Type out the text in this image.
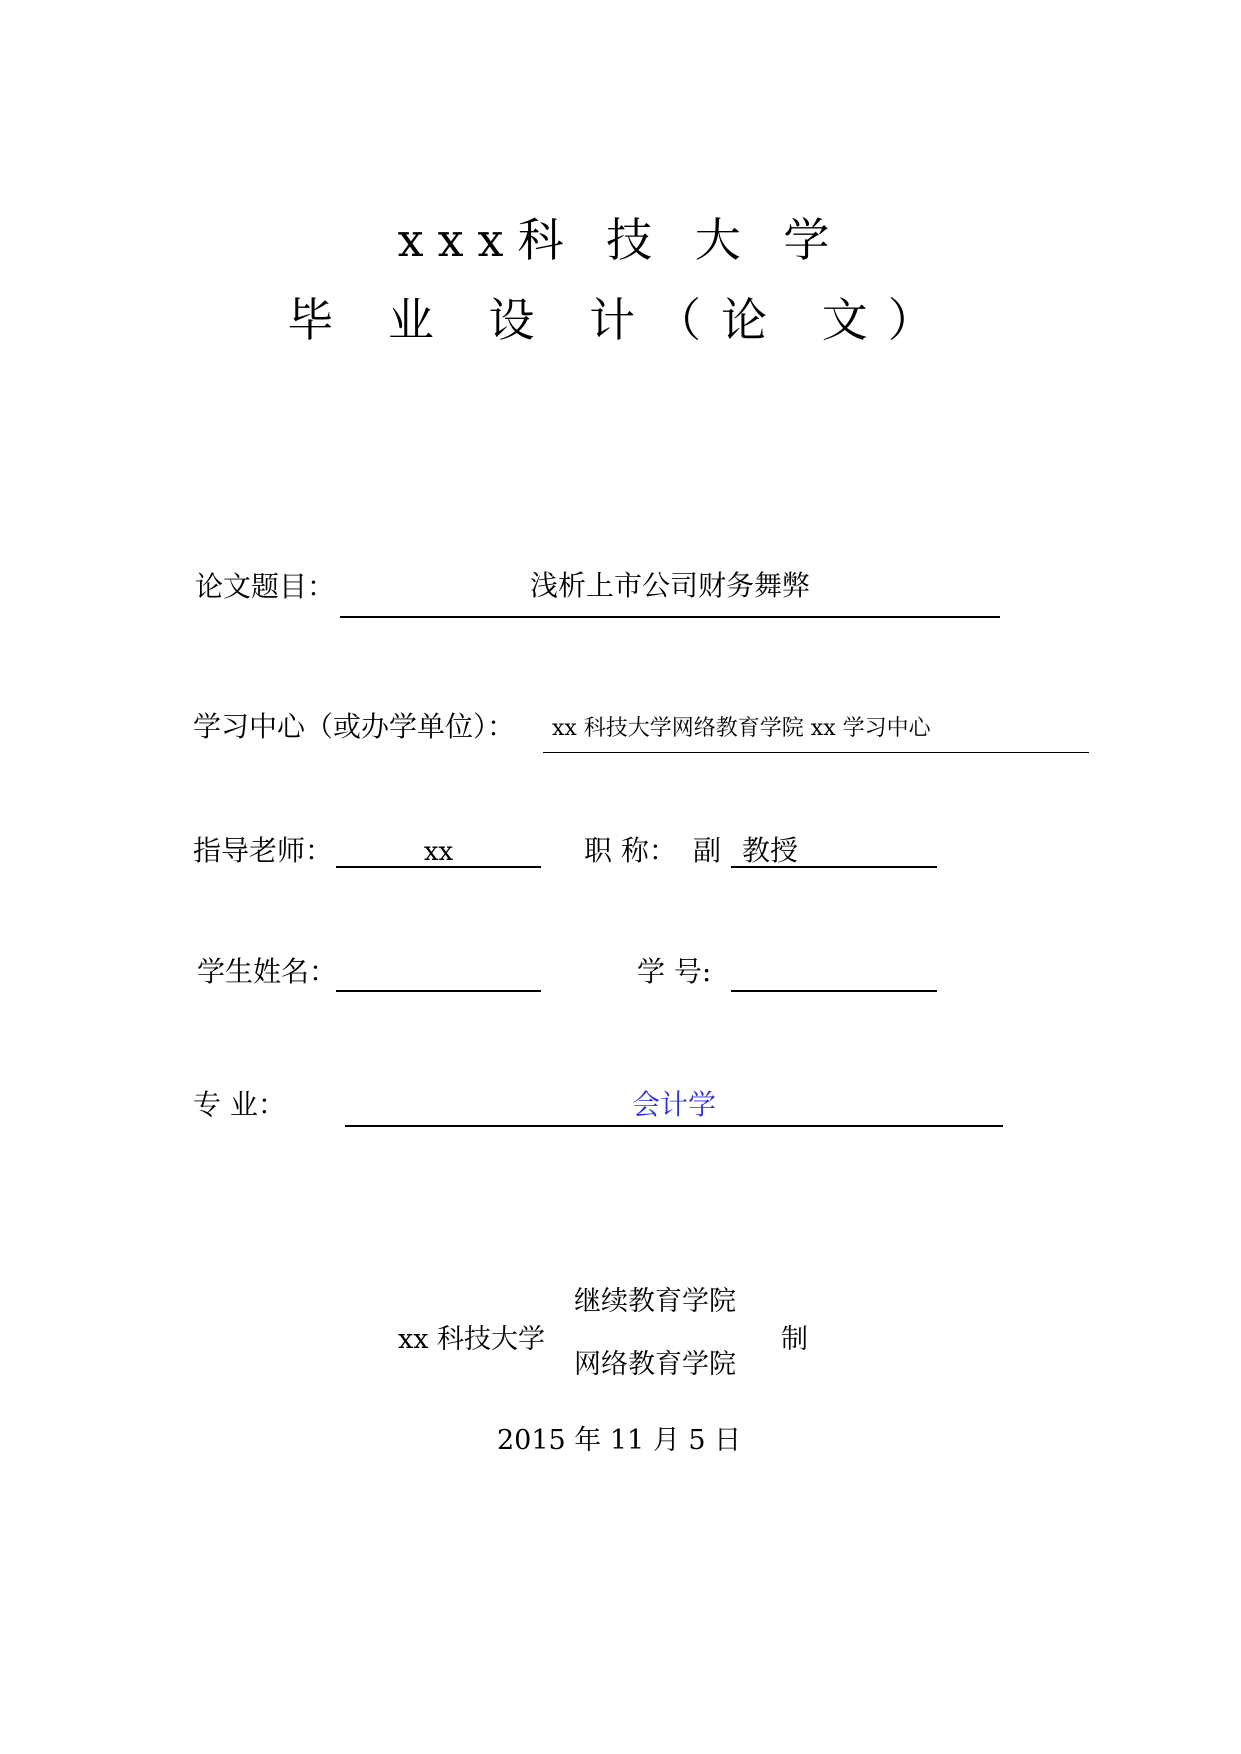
xxx科 技 大 学
毕 业 设 计（论 文）
论文题目：	浅析上市公司财务舞弊
学习中心（或办学单位）： xx 科技大学网络教育学院 xx 学习中心
指导老师：	xx	职 称： 副 教授
学生姓名：	学 号:
专 业：	会计学
xx 科技大学
继续教育学院
网络教育学院
制
2015 年 11 月 5 日
